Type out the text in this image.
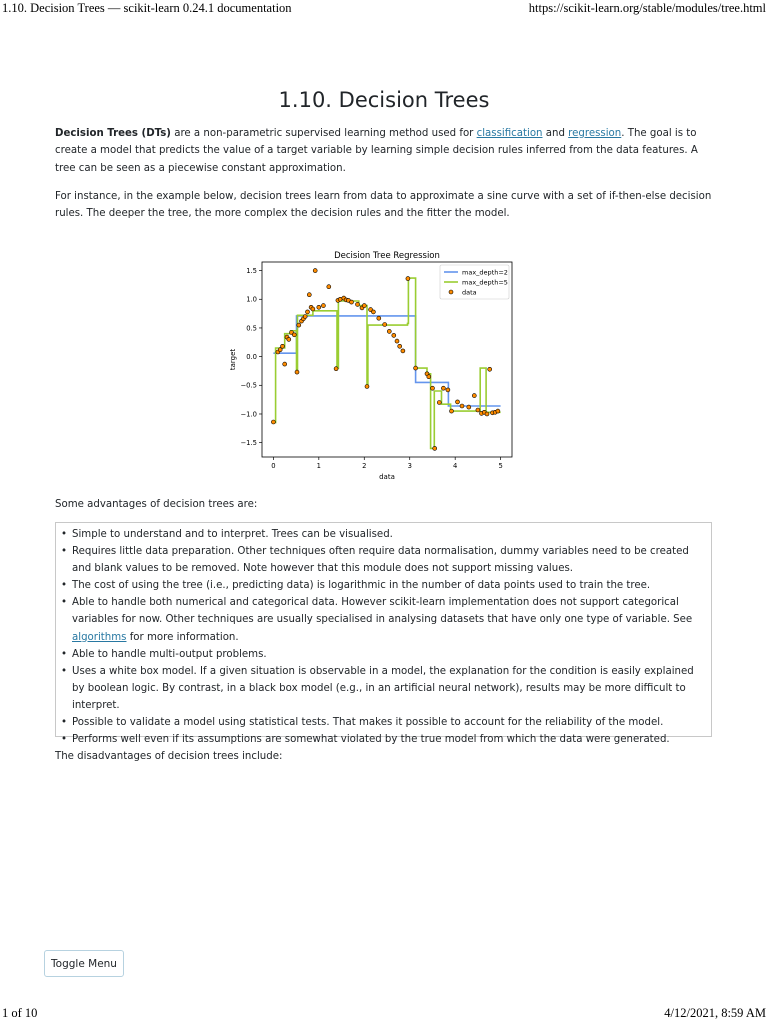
1.10. Decision Trees — scikit-learn 0.24.1 documentation	https://scikit-learn.org/stable/modules/tree.html
1.10. Decision Trees

Decision Trees (DTs) are a non-parametric supervised learning method used for classification and regression. The goal is to create a model that predicts the value of a target variable by learning simple decision rules inferred from the data features. A tree can be seen as a piecewise constant approximation.

For instance, in the example below, decision trees learn from data to approximate a sine curve with a set of if-then-else decision rules. The deeper the tree, the more complex the decision rules and the fitter the model.

Decision Tree Regression
0	1	2	3	4	5
−1.5
−1.0
−0.5
0.0
0.5
1.0
1.5
data
target
max_depth=2
max_depth=5
data

Some advantages of decision trees are:

• Simple to understand and to interpret. Trees can be visualised.
• Requires little data preparation. Other techniques often require data normalisation, dummy variables need to be created and blank values to be removed. Note however that this module does not support missing values.
• The cost of using the tree (i.e., predicting data) is logarithmic in the number of data points used to train the tree.
• Able to handle both numerical and categorical data. However scikit-learn implementation does not support categorical variables for now. Other techniques are usually specialised in analysing datasets that have only one type of variable. See algorithms for more information.
• Able to handle multi-output problems.
• Uses a white box model. If a given situation is observable in a model, the explanation for the condition is easily explained by boolean logic. By contrast, in a black box model (e.g., in an artificial neural network), results may be more difficult to interpret.
• Possible to validate a model using statistical tests. That makes it possible to account for the reliability of the model.
• Performs well even if its assumptions are somewhat violated by the true model from which the data were generated.

The disadvantages of decision trees include:

Toggle Menu
1 of 10	4/12/2021, 8:59 AM
